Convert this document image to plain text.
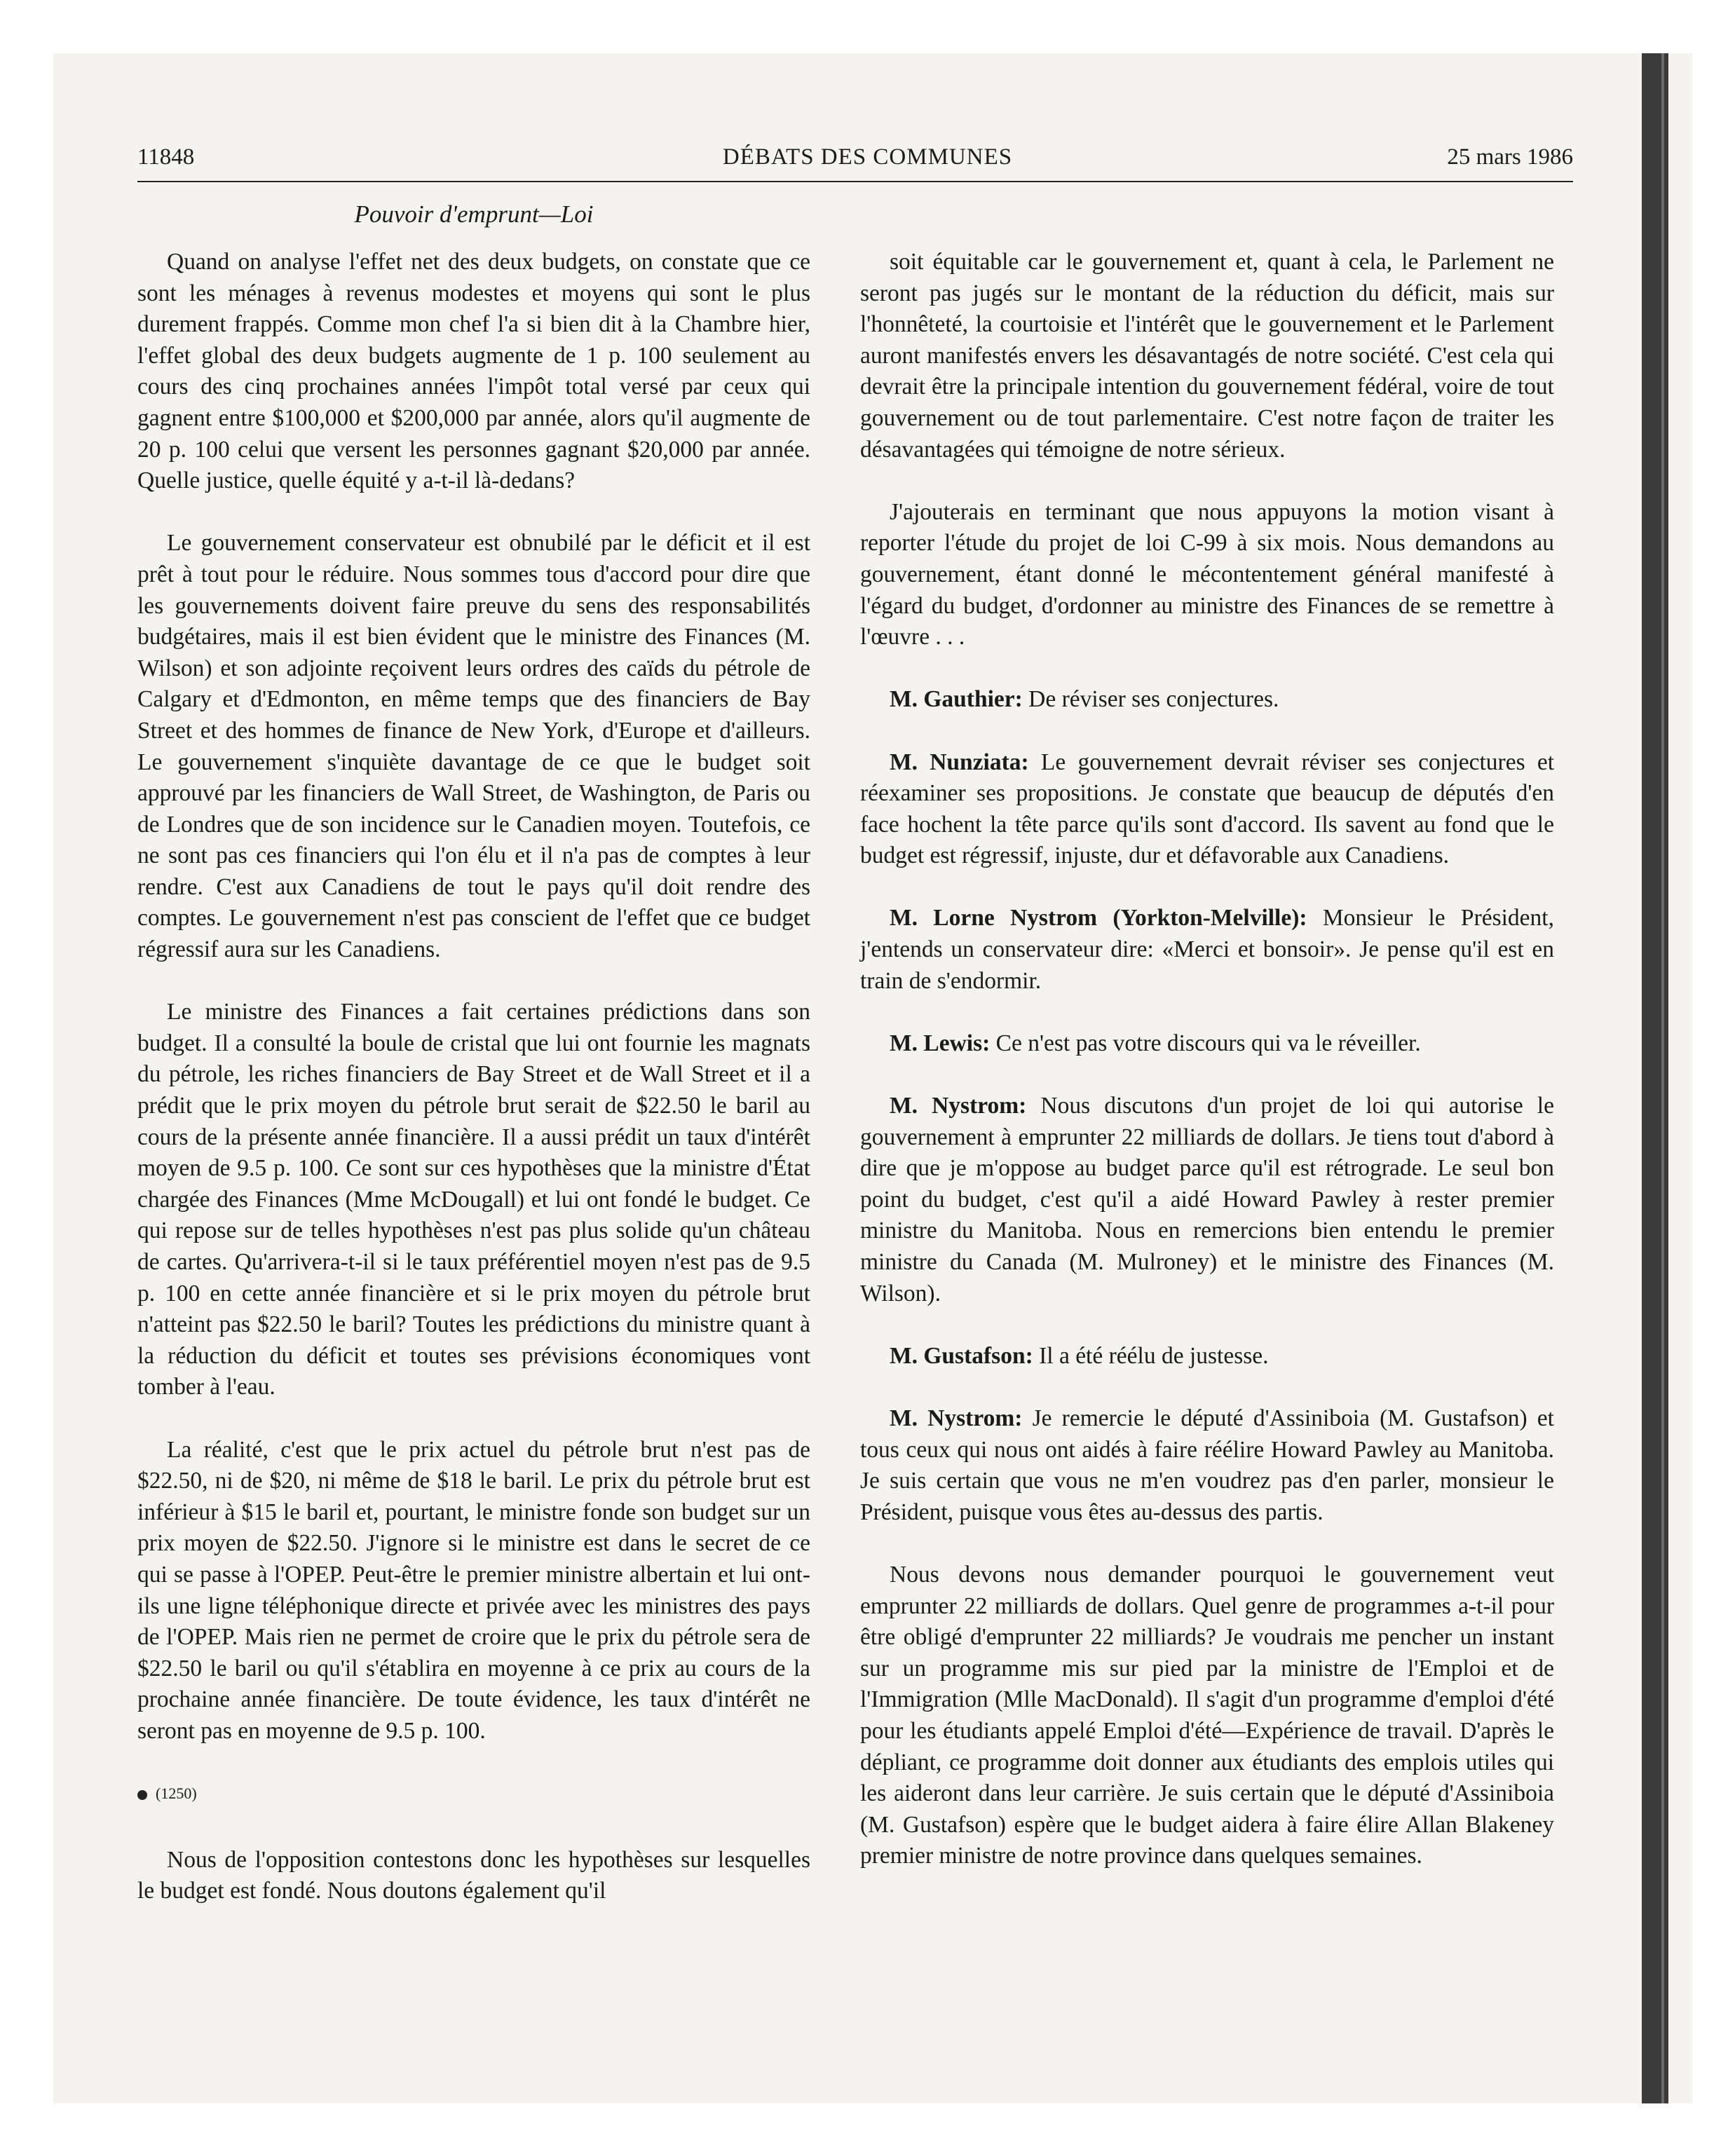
11848	DÉBATS DES COMMUNES	25 mars 1986
Pouvoir d'emprunt—Loi

Quand on analyse l'effet net des deux budgets, on constate que ce sont les ménages à revenus modestes et moyens qui sont le plus durement frappés. Comme mon chef l'a si bien dit à la Chambre hier, l'effet global des deux budgets augmente de 1 p. 100 seulement au cours des cinq prochaines années l'impôt total versé par ceux qui gagnent entre $100,000 et $200,000 par année, alors qu'il augmente de 20 p. 100 celui que versent les personnes gagnant $20,000 par année. Quelle justice, quelle équité y a-t-il là-dedans?

Le gouvernement conservateur est obnubilé par le déficit et il est prêt à tout pour le réduire. Nous sommes tous d'accord pour dire que les gouvernements doivent faire preuve du sens des responsabilités budgétaires, mais il est bien évident que le ministre des Finances (M. Wilson) et son adjointe reçoivent leurs ordres des caïds du pétrole de Calgary et d'Edmonton, en même temps que des financiers de Bay Street et des hommes de finance de New York, d'Europe et d'ailleurs. Le gouvernement s'inquiète davantage de ce que le budget soit approuvé par les financiers de Wall Street, de Washington, de Paris ou de Londres que de son incidence sur le Canadien moyen. Toutefois, ce ne sont pas ces financiers qui l'on élu et il n'a pas de comptes à leur rendre. C'est aux Canadiens de tout le pays qu'il doit rendre des comptes. Le gouvernement n'est pas conscient de l'effet que ce budget régressif aura sur les Canadiens.

Le ministre des Finances a fait certaines prédictions dans son budget. Il a consulté la boule de cristal que lui ont fournie les magnats du pétrole, les riches financiers de Bay Street et de Wall Street et il a prédit que le prix moyen du pétrole brut serait de $22.50 le baril au cours de la présente année financière. Il a aussi prédit un taux d'intérêt moyen de 9.5 p. 100. Ce sont sur ces hypothèses que la ministre d'État chargée des Finances (Mme McDougall) et lui ont fondé le budget. Ce qui repose sur de telles hypothèses n'est pas plus solide qu'un château de cartes. Qu'arrivera-t-il si le taux préférentiel moyen n'est pas de 9.5 p. 100 en cette année financière et si le prix moyen du pétrole brut n'atteint pas $22.50 le baril? Toutes les prédictions du ministre quant à la réduction du déficit et toutes ses prévisions économiques vont tomber à l'eau.

La réalité, c'est que le prix actuel du pétrole brut n'est pas de $22.50, ni de $20, ni même de $18 le baril. Le prix du pétrole brut est inférieur à $15 le baril et, pourtant, le ministre fonde son budget sur un prix moyen de $22.50. J'ignore si le ministre est dans le secret de ce qui se passe à l'OPEP. Peut-être le premier ministre albertain et lui ont-ils une ligne téléphonique directe et privée avec les ministres des pays de l'OPEP. Mais rien ne permet de croire que le prix du pétrole sera de $22.50 le baril ou qu'il s'établira en moyenne à ce prix au cours de la prochaine année financière. De toute évidence, les taux d'intérêt ne seront pas en moyenne de 9.5 p. 100.

(1250)

Nous de l'opposition contestons donc les hypothèses sur lesquelles le budget est fondé. Nous doutons également qu'il

soit équitable car le gouvernement et, quant à cela, le Parlement ne seront pas jugés sur le montant de la réduction du déficit, mais sur l'honnêteté, la courtoisie et l'intérêt que le gouvernement et le Parlement auront manifestés envers les désavantagés de notre société. C'est cela qui devrait être la principale intention du gouvernement fédéral, voire de tout gouvernement ou de tout parlementaire. C'est notre façon de traiter les désavantagées qui témoigne de notre sérieux.

J'ajouterais en terminant que nous appuyons la motion visant à reporter l'étude du projet de loi C-99 à six mois. Nous demandons au gouvernement, étant donné le mécontentement général manifesté à l'égard du budget, d'ordonner au ministre des Finances de se remettre à l'œuvre . . .

M. Gauthier: De réviser ses conjectures.

M. Nunziata: Le gouvernement devrait réviser ses conjectures et réexaminer ses propositions. Je constate que beaucup de députés d'en face hochent la tête parce qu'ils sont d'accord. Ils savent au fond que le budget est régressif, injuste, dur et défavorable aux Canadiens.

M. Lorne Nystrom (Yorkton-Melville): Monsieur le Président, j'entends un conservateur dire: «Merci et bonsoir». Je pense qu'il est en train de s'endormir.

M. Lewis: Ce n'est pas votre discours qui va le réveiller.

M. Nystrom: Nous discutons d'un projet de loi qui autorise le gouvernement à emprunter 22 milliards de dollars. Je tiens tout d'abord à dire que je m'oppose au budget parce qu'il est rétrograde. Le seul bon point du budget, c'est qu'il a aidé Howard Pawley à rester premier ministre du Manitoba. Nous en remercions bien entendu le premier ministre du Canada (M. Mulroney) et le ministre des Finances (M. Wilson).

M. Gustafson: Il a été réélu de justesse.

M. Nystrom: Je remercie le député d'Assiniboia (M. Gustafson) et tous ceux qui nous ont aidés à faire réélire Howard Pawley au Manitoba. Je suis certain que vous ne m'en voudrez pas d'en parler, monsieur le Président, puisque vous êtes au-dessus des partis.

Nous devons nous demander pourquoi le gouvernement veut emprunter 22 milliards de dollars. Quel genre de programmes a-t-il pour être obligé d'emprunter 22 milliards? Je voudrais me pencher un instant sur un programme mis sur pied par la ministre de l'Emploi et de l'Immigration (Mlle MacDonald). Il s'agit d'un programme d'emploi d'été pour les étudiants appelé Emploi d'été—Expérience de travail. D'après le dépliant, ce programme doit donner aux étudiants des emplois utiles qui les aideront dans leur carrière. Je suis certain que le député d'Assiniboia (M. Gustafson) espère que le budget aidera à faire élire Allan Blakeney premier ministre de notre province dans quelques semaines.
